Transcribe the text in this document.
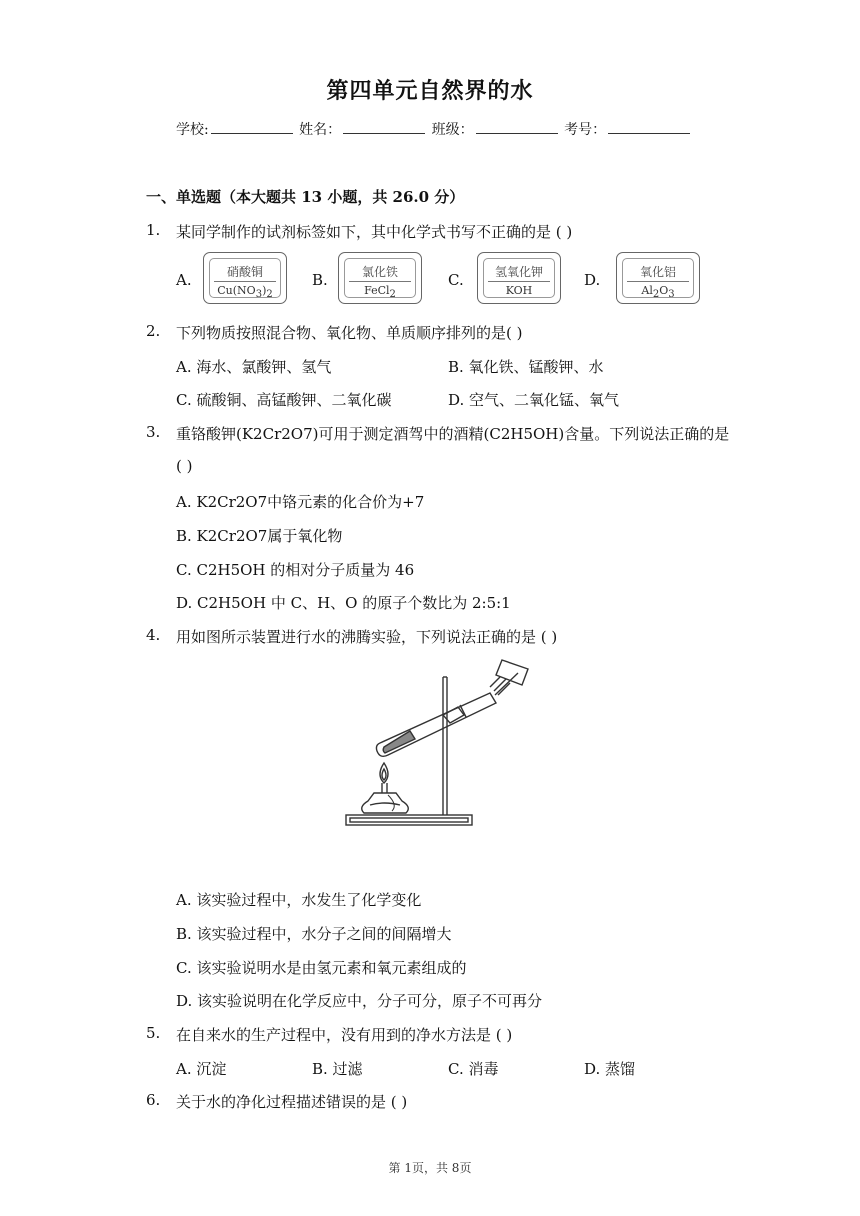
第四单元自然界的水
学校:	姓名：	班级：	考号：
一、单选题（本大题共 13 小题，共 26.0 分）
1. 某同学制作的试剂标签如下，其中化学式书写不正确的是 ( )
A.	硝酸铜
$Cu(NO_3)_2$
B.	氯化铁
FeCl$_2$
C.	氢氧化钾
KOH
D.	氧化铝
$Al_2O_3$
2. 下列物质按照混合物、氧化物、单质顺序排列的是( )
A. 海水、氯酸钾、氢气	B. 氧化铁、锰酸钾、水
C. 硫酸铜、高锰酸钾、二氧化碳	D. 空气、二氧化锰、氧气
3. 重铬酸钾(K2Cr2O7)可用于测定酒驾中的酒精(C2H5OH)含量。下列说法正确的是
( )
A. K2Cr2O7中铬元素的化合价为+7
B. K2Cr2O7属于氧化物
C. C2H5OH 的相对分子质量为 46
D. C2H5OH 中 C、H、O 的原子个数比为 2:5:1
4. 用如图所示装置进行水的沸腾实验，下列说法正确的是 ( )
A. 该实验过程中，水发生了化学变化
B. 该实验过程中，水分子之间的间隔增大
C. 该实验说明水是由氢元素和氧元素组成的
D. 该实验说明在化学反应中，分子可分，原子不可再分
5. 在自来水的生产过程中，没有用到的净水方法是 ( )
A. 沉淀	B. 过滤	C. 消毒	D. 蒸馏
6. 关于水的净化过程描述错误的是 ( )
第 1页，共 8页
